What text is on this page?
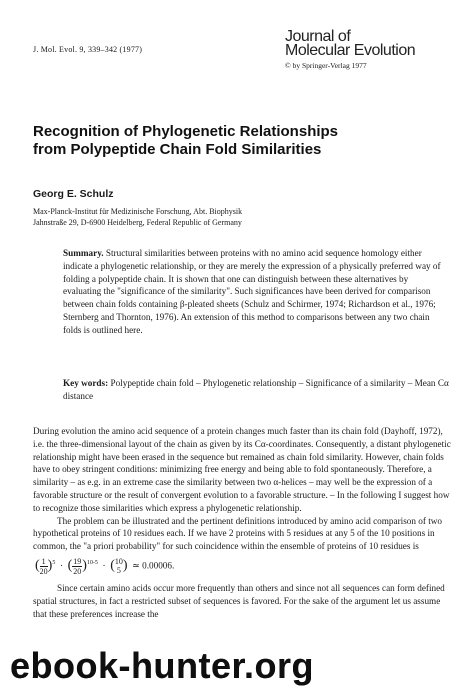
J. Mol. Evol. 9, 339–342 (1977)
Journal of
Molecular Evolution
© by Springer-Verlag 1977
Recognition of Phylogenetic Relationships
from Polypeptide Chain Fold Similarities
Georg E. Schulz
Max-Planck-Institut für Medizinische Forschung, Abt. Biophysik
Jahnstraße 29, D-6900 Heidelberg, Federal Republic of Germany

Summary. Structural similarities between proteins with no amino acid sequence homology either indicate a phylogenetic relationship, or they are merely the expression of a physically preferred way of folding a polypeptide chain. It is shown that one can distinguish between these alternatives by evaluating the "significance of the similarity". Such significances have been derived for comparison between chain folds containing β-pleated sheets (Schulz and Schirmer, 1974; Richardson et al., 1976; Sternberg and Thornton, 1976). An extension of this method to comparisons between any two chain folds is outlined here.

Key words: Polypeptide chain fold – Phylogenetic relationship – Significance of a similarity – Mean Cα distance

During evolution the amino acid sequence of a protein changes much faster than its chain fold (Dayhoff, 1972), i.e. the three-dimensional layout of the chain as given by its Cα-coordinates. Consequently, a distant phylogenetic relationship might have been erased in the sequence but remained as chain fold similarity. However, chain folds have to obey stringent conditions: minimizing free energy and being able to fold spontaneously. Therefore, a similarity – as e.g. in an extreme case the similarity between two α-helices – may well be the expression of a favorable structure or the result of convergent evolution to a favorable structure. – In the following I suggest how to recognize those similarities which express a phylogenetic relationship.

The problem can be illustrated and the pertinent definitions introduced by amino acid comparison of two hypothetical proteins of 10 residues each. If we have 2 proteins with 5 residues at any 5 of the 10 positions in common, the "a priori probability" for such coincidence within the ensemble of proteins of 10 residues is

( $\frac{1}{20})^5$  ·  ( $\frac{19}{20})^{10-5}$  ·  ( 10
5 ) ≃ 0.00006.

Since certain amino acids occur more frequently than others and since not all sequences can form defined spatial structures, in fact a restricted subset of sequences is favored. For the sake of the argument let us assume that these preferences increase the

ebook-hunter.org
